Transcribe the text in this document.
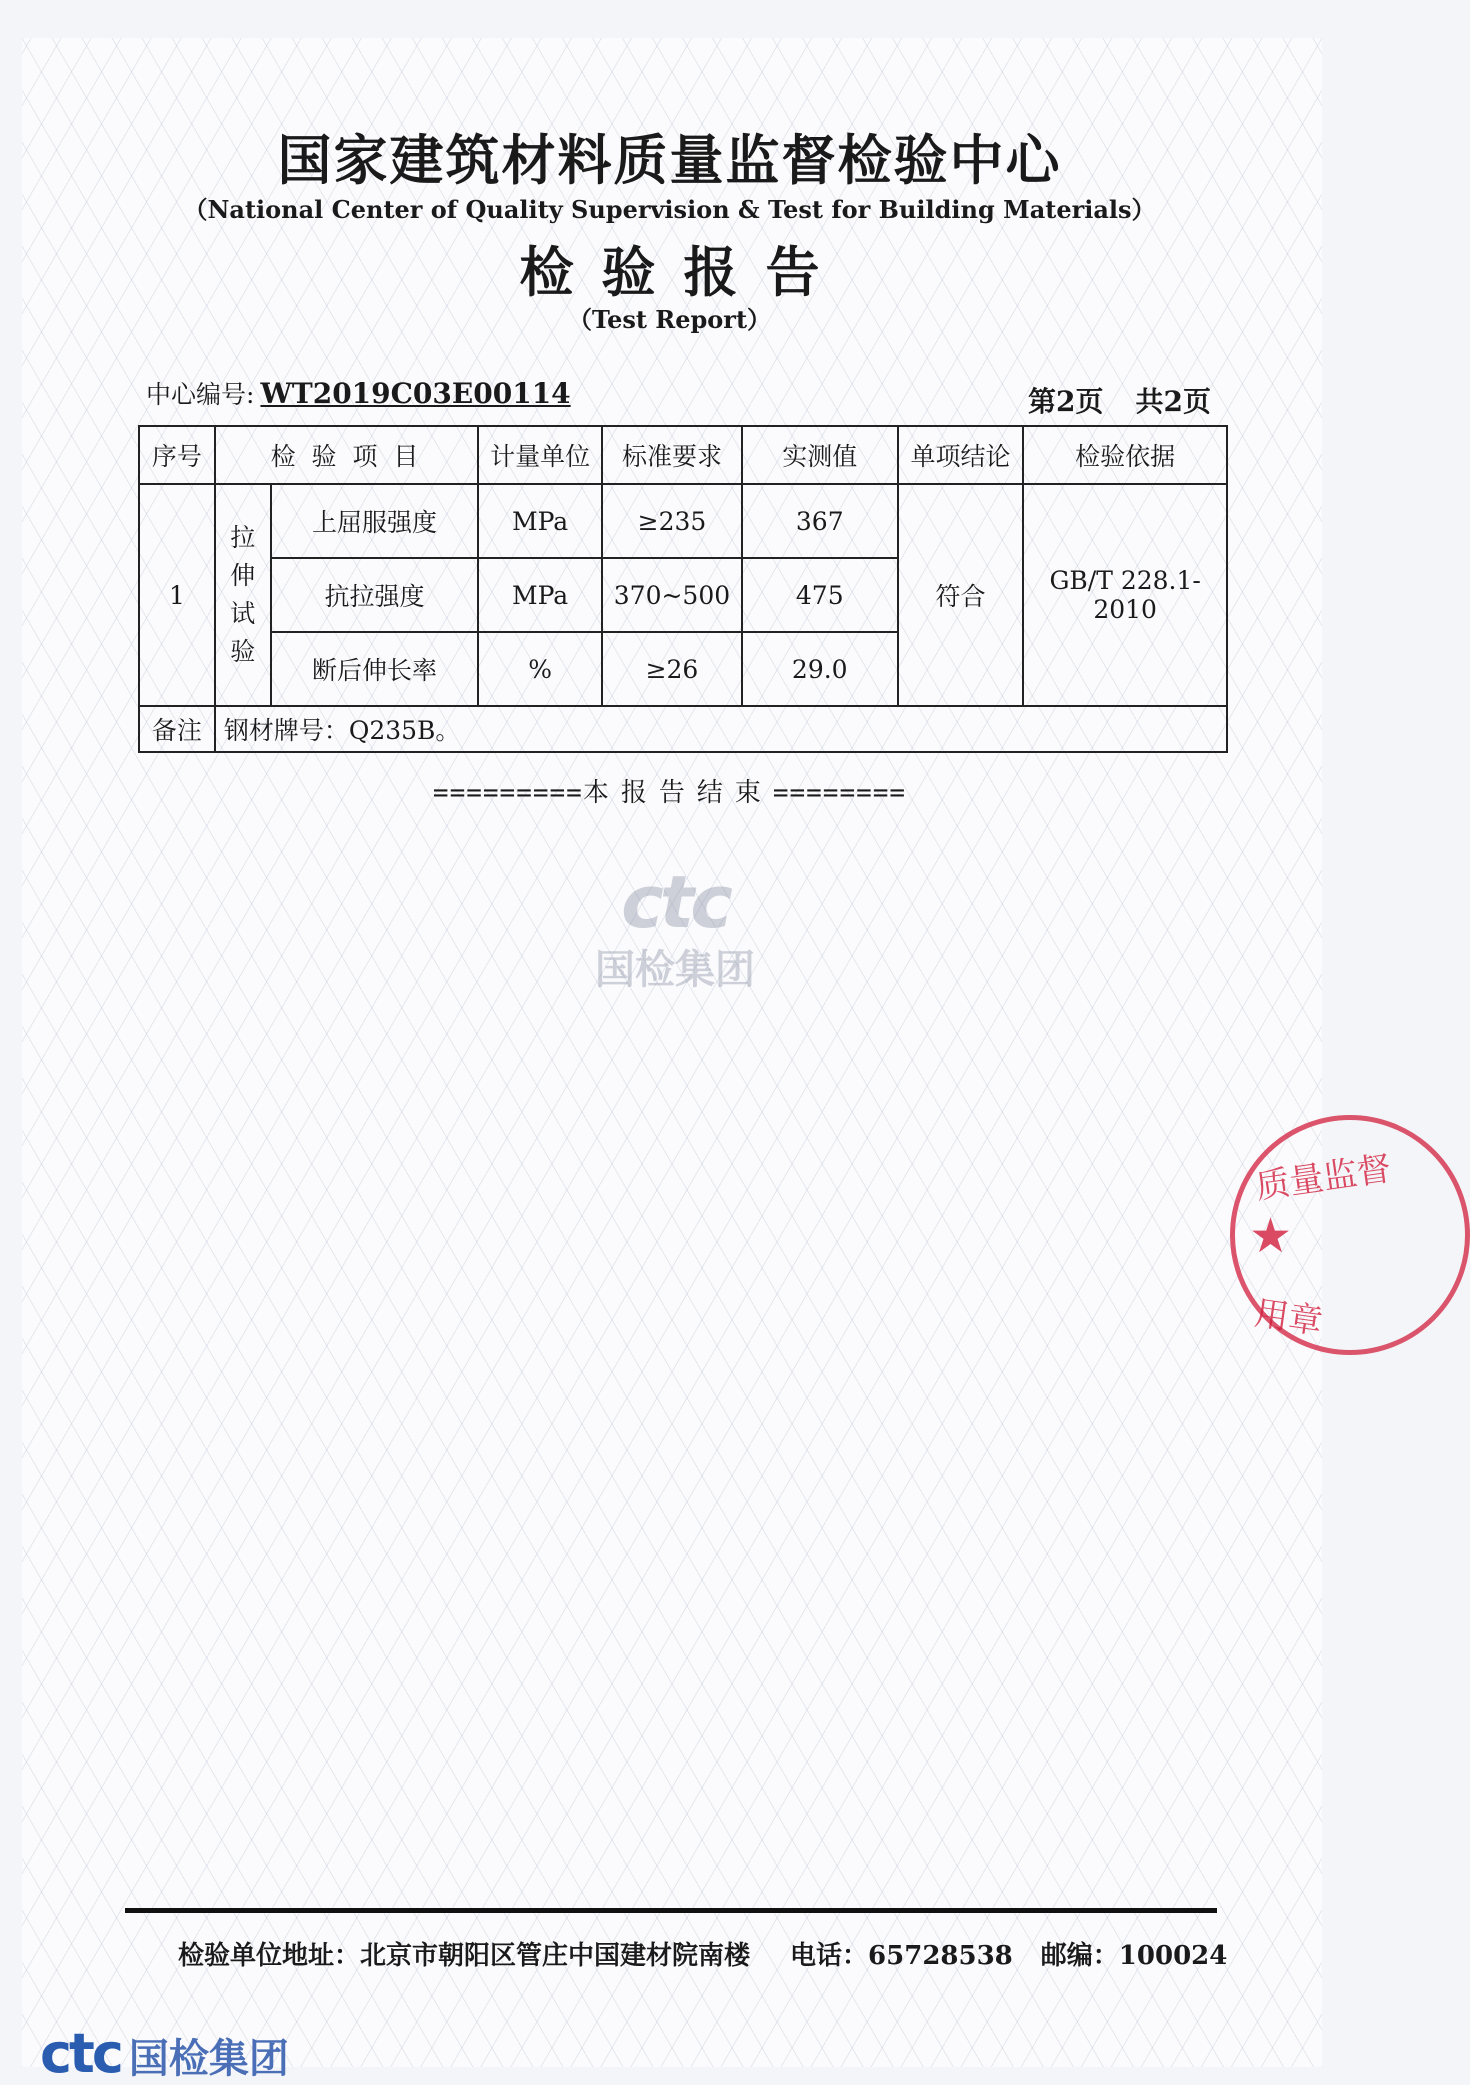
国家建筑材料质量监督检验中心
（National Center of Quality Supervision & Test for Building Materials）
检验报告
（Test Report）
中心编号: WT2019C03E00114	第2页 共2页
序号	检 验 项 目		计量单位	标准要求	实测值	单项结论	检验依据
1	拉伸试验	上屈服强度	MPa	≥235	367	符合	GB/T 228.1-2010
		抗拉强度	MPa	370~500	475		
		断后伸长率	%	≥26	29.0		
备注	钢材牌号：Q235B。						
=========本报告结束========
ctc
国检集团
质量监督
★
用章
检验单位地址：北京市朝阳区管庄中国建材院南楼 电话：65728538 邮编：100024
ctc 国检集团
